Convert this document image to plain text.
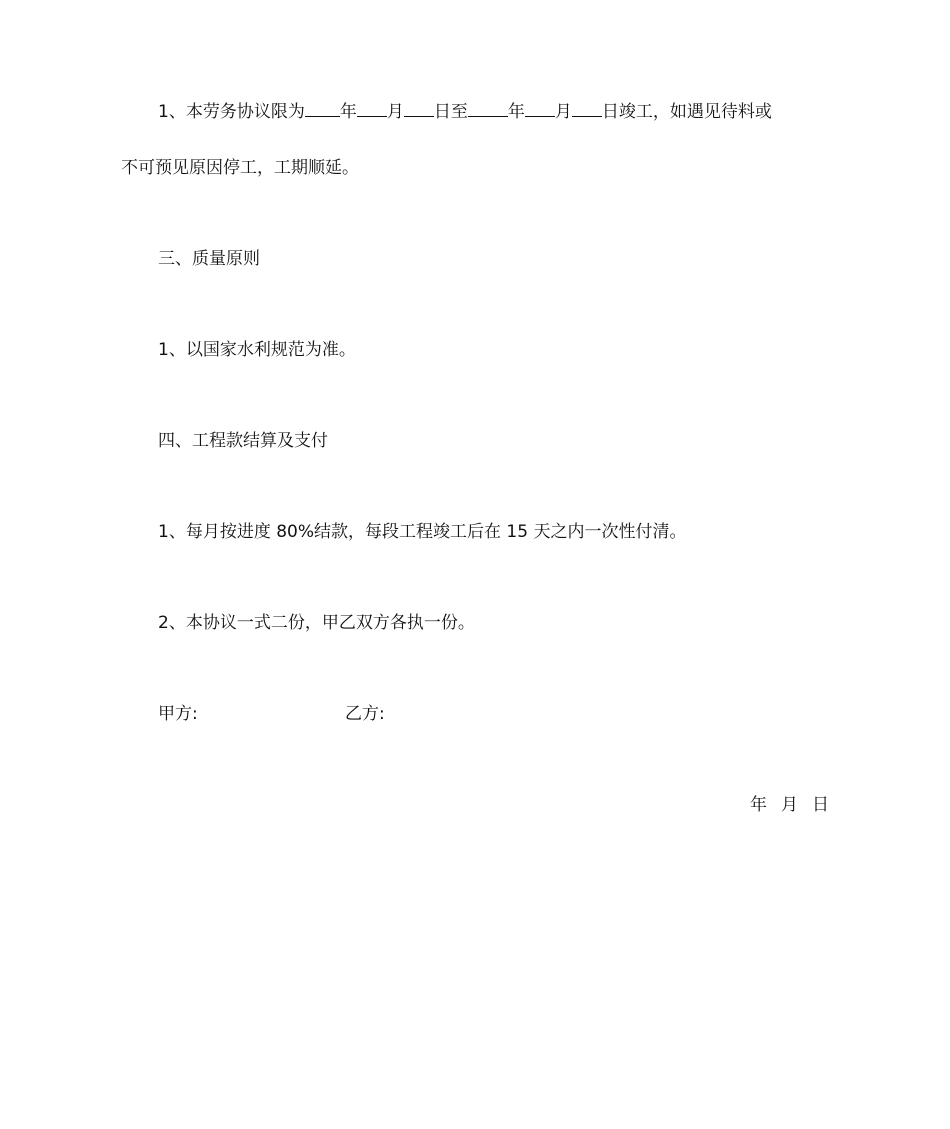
1、本劳务协议限为 年 月 日至 年 月 日竣工，如遇见待料或
不可预见原因停工，工期顺延。
三、质量原则
1、以国家水利规范为准。
四、工程款结算及支付
1、每月按进度 80%结款，每段工程竣工后在 15 天之内一次性付清。
2、本协议一式二份，甲乙双方各执一份。
甲方:	乙方:
年 月 日
